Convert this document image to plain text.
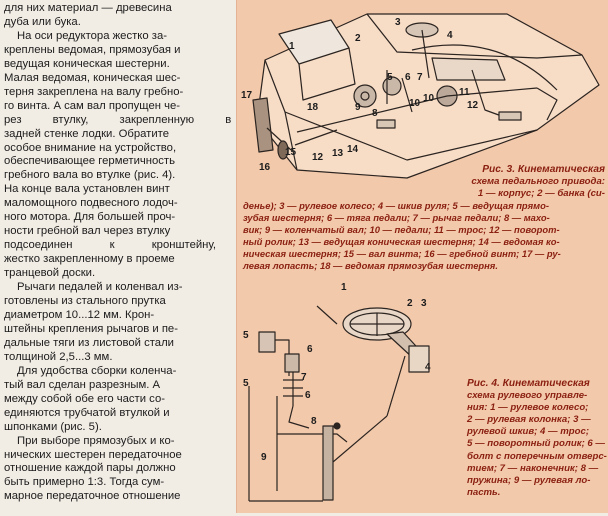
для них материал — древесина
дуба или бука.

На оси редуктора жестко за-
креплены ведомая, прямозубая и
ведущая коническая шестерни.
Малая ведомая, коническая шес-
терня закреплена на валу гребно-
го винта. А сам вал пропущен че-
рез втулку, закрепленную в
задней стенке лодки. Обратите
особое внимание на устройство,
обеспечивающее герметичность
гребного вала во втулке (рис. 4).
На конце вала установлен винт
маломощного подвесного лодоч-
ного мотора. Для большей проч-
ности гребной вал через втулку
подсоединен к кронштейну,
жестко закрепленному в проеме
транцевой доски.

Рычаги педалей и коленвал из-
готовлены из стального прутка
диаметром 10...12 мм. Крон-
штейны крепления рычагов и пе-
дальные тяги из листовой стали
толщиной 2,5...3 мм.

Для удобства сборки коленча-
тый вал сделан разрезным. А
между собой обе его части со-
единяются трубчатой втулкой и
шпонками (рис. 5).

При выборе прямозубых и ко-
нических шестерен передаточное
отношение каждой пары должно
быть примерно 1:3. Тогда сум-
марное передаточное отношение

1
2
3
4
5 6 7
8
9	10 10
11
12
12 13 14
15
16
17
18
Рис. 3. Кинематическая
схема педального привода:
1 — корпус; 2 — банка (си-
денье); 3 — рулевое колесо; 4 — шкив руля; 5 — ведущая прямо-
зубая шестерня; 6 — тяга педали; 7 — рычаг педали; 8 — махо-
вик; 9 — коленчатый вал; 10 — педали; 11 — трос; 12 — поворот-
ный ролик; 13 — ведущая коническая шестерня; 14 — ведомая ко-
ническая шестерня; 15 — вал винта; 16 — гребной винт; 17 — ру-
левая лопасть; 18 — ведомая прямозубая шестерня.
1
2 3
4
5
5
6
6
7
8
9
Рис. 4. Кинематическая
схема рулевого управле-
ния: 1 — рулевое колесо;
2 — рулевая колонка; 3 —
рулевой шкив; 4 — трос;
5 — поворотный ролик; 6 —
болт с поперечным отверс-
тием; 7 — наконечник; 8 —
пружина; 9 — рулевая ло-
пасть.
